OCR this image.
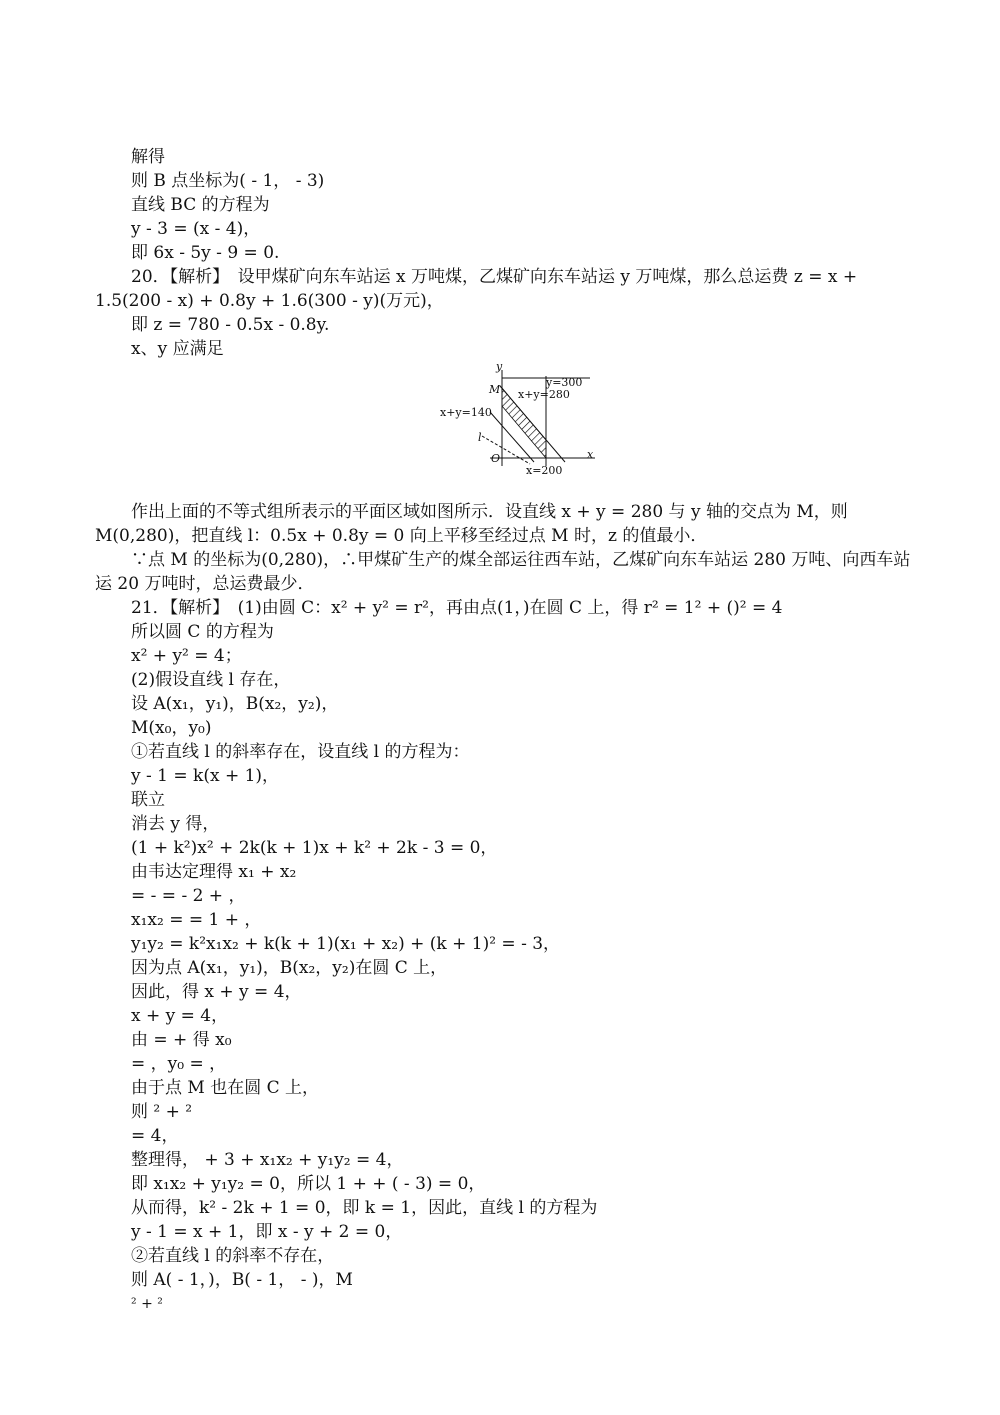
解得
则 B 点坐标为( - 1， - 3)
直线 BC 的方程为
y - 3 = (x - 4)，
即 6x - 5y - 9 = 0.
20．【解析】　设甲煤矿向东车站运 x 万吨煤，乙煤矿向东车站运 y 万吨煤，那么总运费 z = x +
1.5(200 - x) + 0.8y + 1.6(300 - y)(万元)，
即 z = 780 - 0.5x - 0.8y.
x、y 应满足
y
x
O
M
l
y=300
x+y=280
x+y=140
x=200
作出上面的不等式组所表示的平面区域如图所示．设直线 x + y = 280 与 y 轴的交点为 M，则
M(0,280)，把直线 l：0.5x + 0.8y = 0 向上平移至经过点 M 时，z 的值最小．
∵点 M 的坐标为(0,280)，∴甲煤矿生产的煤全部运往西车站，乙煤矿向东车站运 280 万吨、向西车站
运 20 万吨时，总运费最少．
21．【解析】　(1)由圆 C：x² + y² = r²，再由点(1，)在圆 C 上，得 r² = 1² + ()² = 4
所以圆 C 的方程为
x² + y² = 4；
(2)假设直线 l 存在，
设 A(x₁，y₁)，B(x₂，y₂)，
M(x₀，y₀)
①若直线 l 的斜率存在，设直线 l 的方程为：
y - 1 = k(x + 1)，
联立
消去 y 得，
(1 + k²)x² + 2k(k + 1)x + k² + 2k - 3 = 0，
由韦达定理得 x₁ + x₂
= - = - 2 + ，
x₁x₂ = = 1 + ，
y₁y₂ = k²x₁x₂ + k(k + 1)(x₁ + x₂) + (k + 1)² = - 3，
因为点 A(x₁，y₁)，B(x₂，y₂)在圆 C 上，
因此，得 x + y = 4，
x + y = 4，
由 = + 得 x₀
= ，y₀ = ，
由于点 M 也在圆 C 上，
则 ² + ²
= 4，
整理得， + 3 + x₁x₂ + y₁y₂ = 4，
即 x₁x₂ + y₁y₂ = 0，所以 1 + + ( - 3) = 0，
从而得，k² - 2k + 1 = 0，即 k = 1，因此，直线 l 的方程为
y - 1 = x + 1，即 x - y + 2 = 0，
②若直线 l 的斜率不存在，
则 A( - 1，)，B( - 1， - )，M
² + ²
